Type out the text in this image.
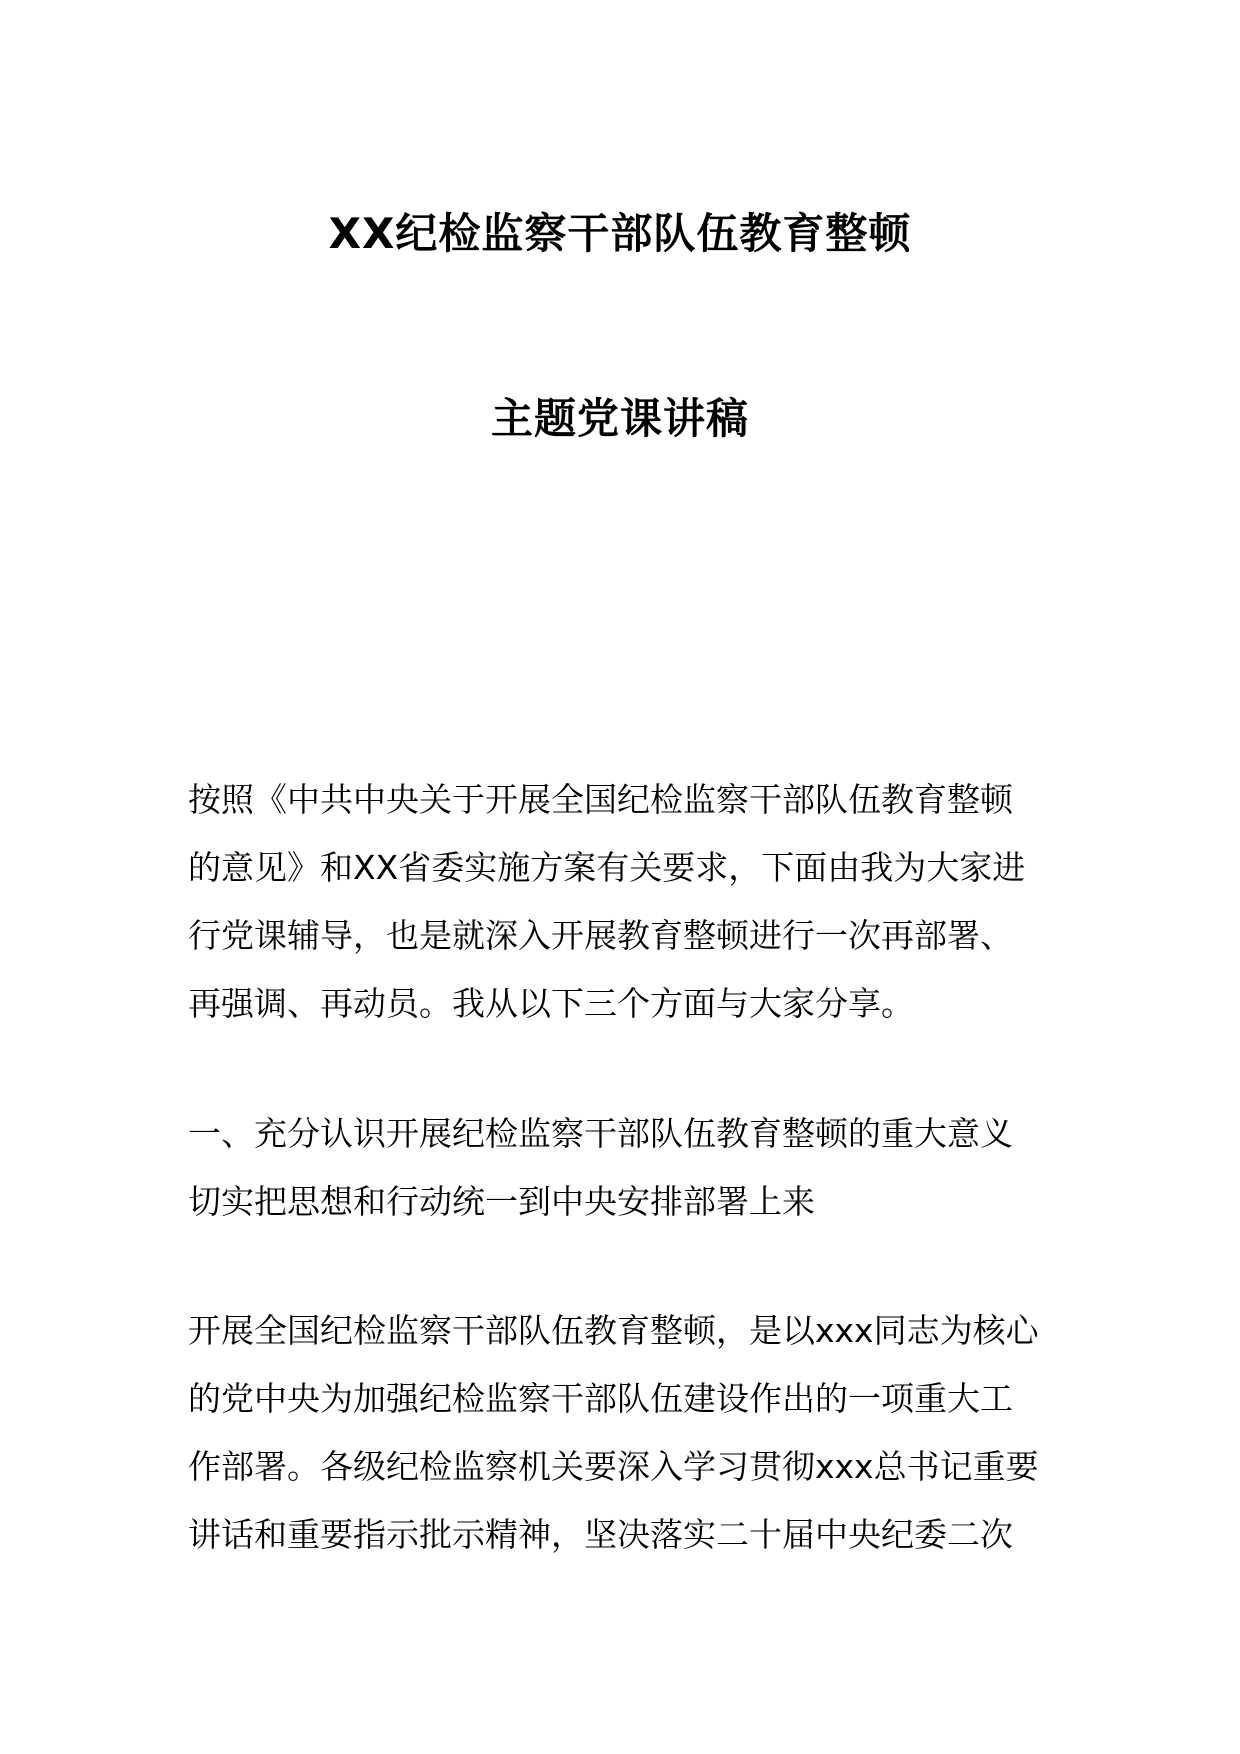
XX纪检监察干部队伍教育整顿
主题党课讲稿

按照《中共中央关于开展全国纪检监察干部队伍教育整顿
的意见》和XX省委实施方案有关要求，下面由我为大家进
行党课辅导，也是就深入开展教育整顿进行一次再部署、
再强调、再动员。我从以下三个方面与大家分享。

一、充分认识开展纪检监察干部队伍教育整顿的重大意义
切实把思想和行动统一到中央安排部署上来

开展全国纪检监察干部队伍教育整顿，是以xxx同志为核心
的党中央为加强纪检监察干部队伍建设作出的一项重大工
作部署。各级纪检监察机关要深入学习贯彻xxx总书记重要
讲话和重要指示批示精神，坚决落实二十届中央纪委二次
